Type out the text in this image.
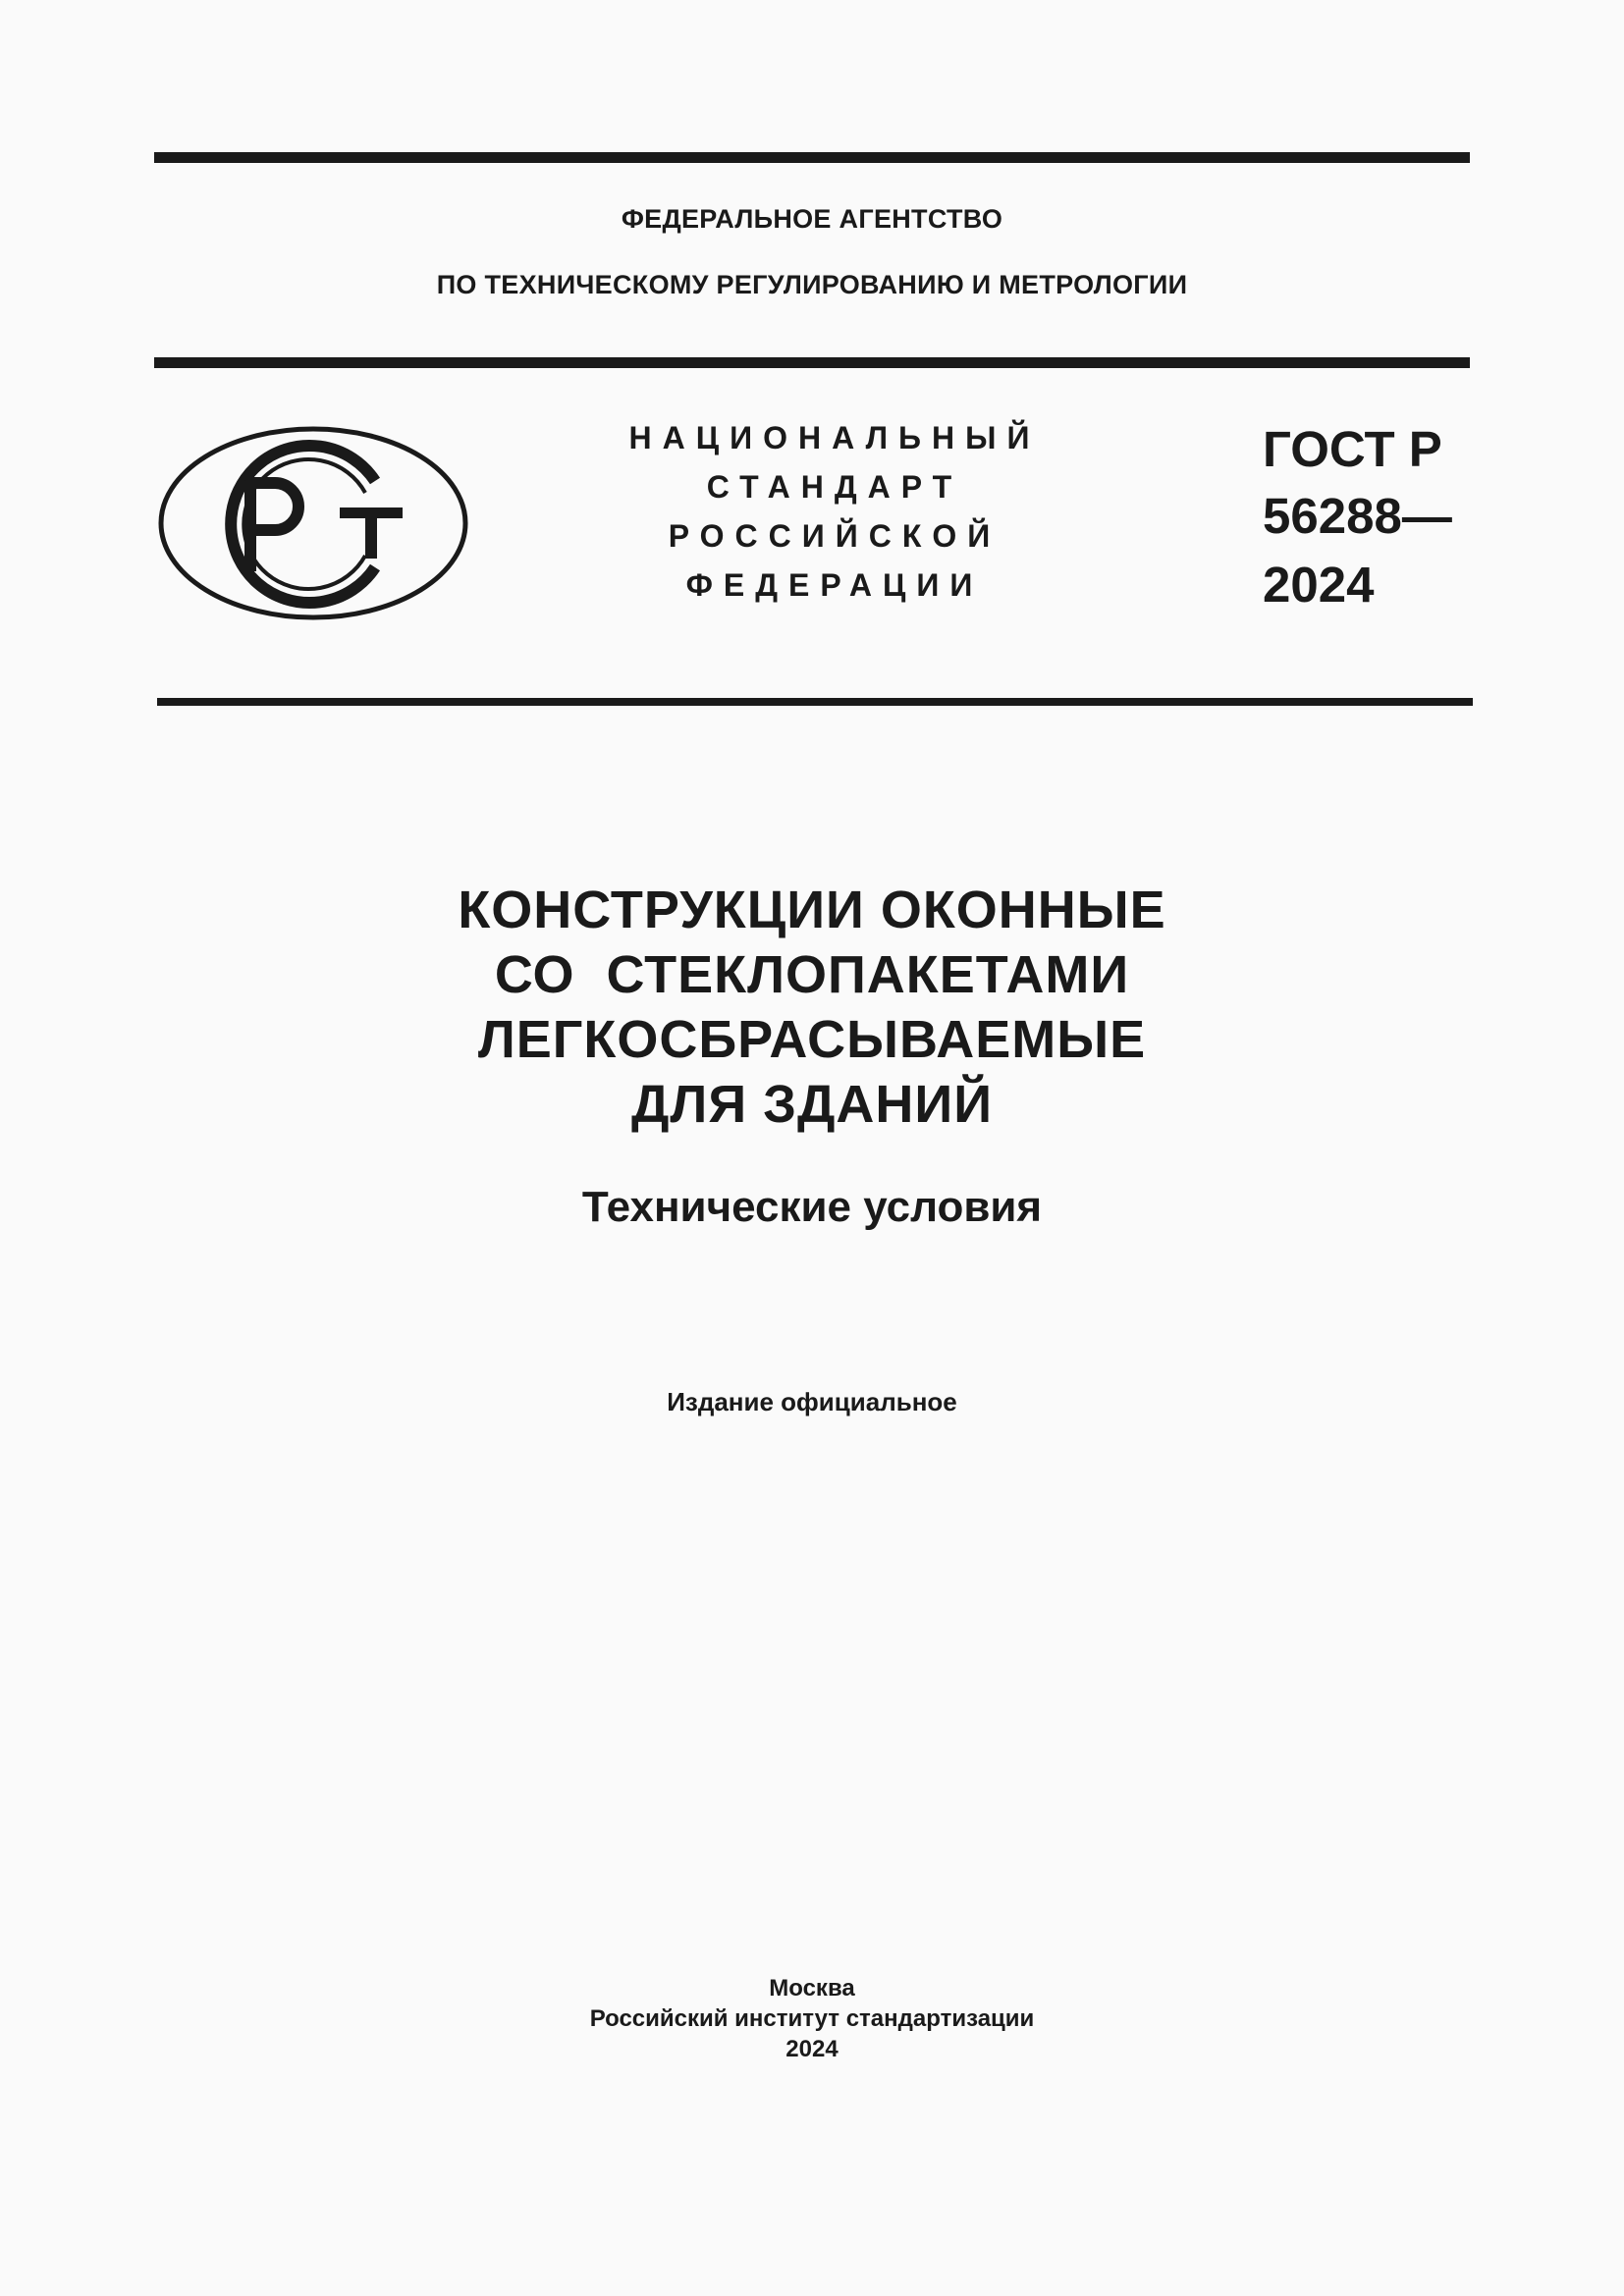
ФЕДЕРАЛЬНОЕ АГЕНТСТВО
ПО ТЕХНИЧЕСКОМУ РЕГУЛИРОВАНИЮ И МЕТРОЛОГИИ
НАЦИОНАЛЬНЫЙ
СТАНДАРТ
РОССИЙСКОЙ
ФЕДЕРАЦИИ
ГОСТ Р
56288—
2024
КОНСТРУКЦИИ ОКОННЫЕ
СО  СТЕКЛОПАКЕТАМИ
ЛЕГКОСБРАСЫВАЕМЫЕ
ДЛЯ ЗДАНИЙ
Технические условия
Издание официальное
Москва
Российский институт стандартизации
2024
